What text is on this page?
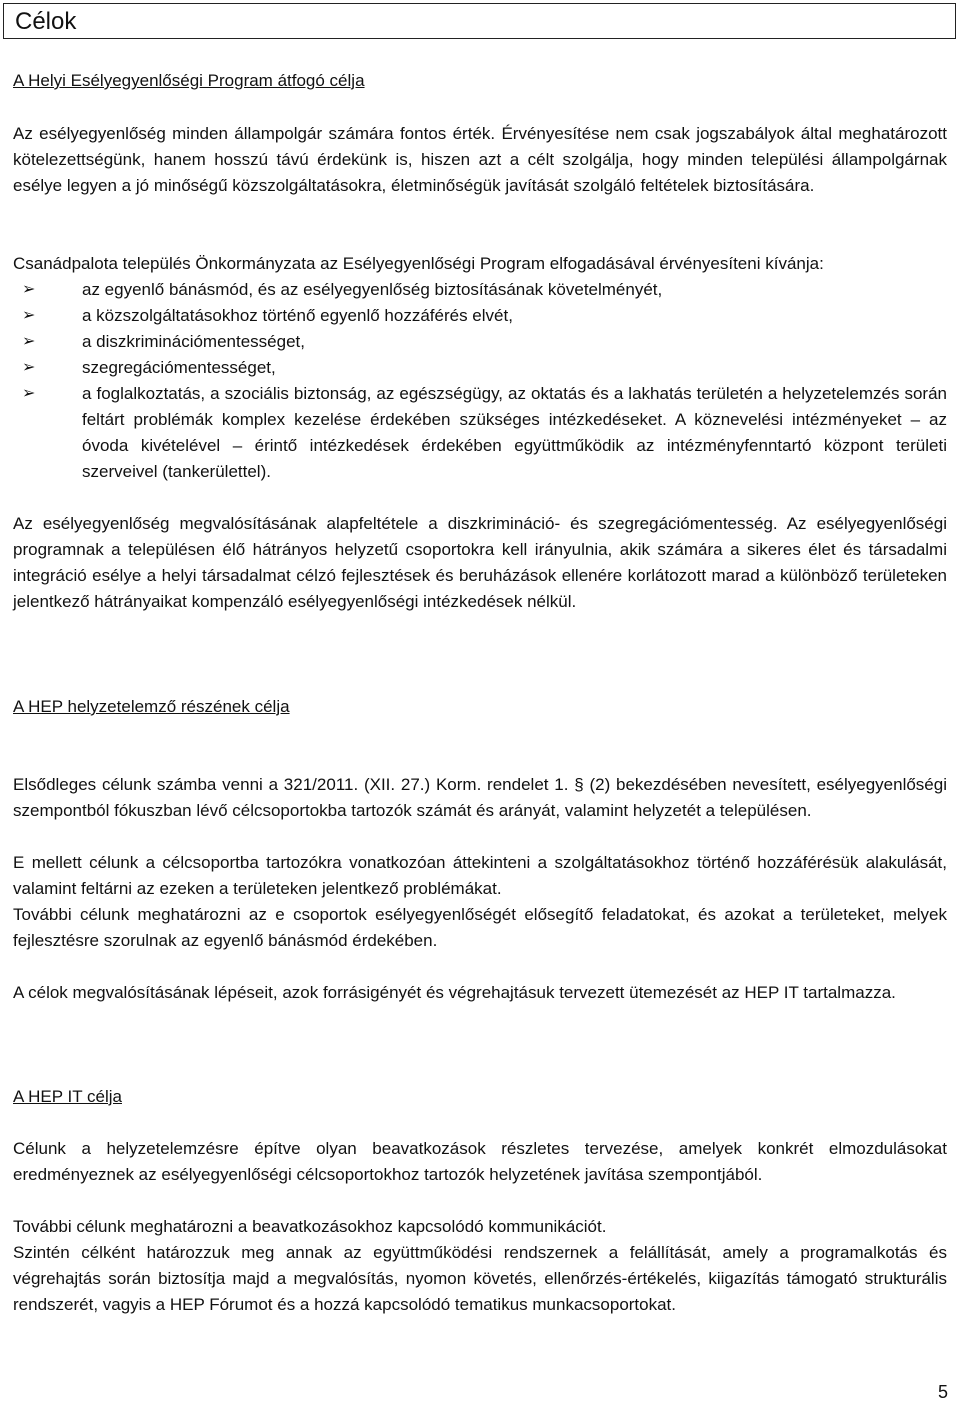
Célok
A Helyi Esélyegyenlőségi Program átfogó célja

Az esélyegyenlőség minden állampolgár számára fontos érték. Érvényesítése nem csak jogszabályok által meghatározott kötelezettségünk, hanem hosszú távú érdekünk is, hiszen azt a célt szolgálja, hogy minden települési állampolgárnak esélye legyen a jó minőségű közszolgáltatásokra, életminőségük javítását szolgáló feltételek biztosítására.

Csanádpalota település Önkormányzata az Esélyegyenlőségi Program elfogadásával érvényesíteni kívánja:

➢	az egyenlő bánásmód, és az esélyegyenlőség biztosításának követelményét,
➢	a közszolgáltatásokhoz történő egyenlő hozzáférés elvét,
➢	a diszkriminációmentességet,
➢	szegregációmentességet,
➢	a foglalkoztatás, a szociális biztonság, az egészségügy, az oktatás és a lakhatás területén a helyzetelemzés során feltárt problémák komplex kezelése érdekében szükséges intézkedéseket. A köznevelési intézményeket – az óvoda kivételével – érintő intézkedések érdekében együttműködik az intézményfenntartó központ területi szerveivel (tankerülettel).

Az esélyegyenlőség megvalósításának alapfeltétele a diszkrimináció- és szegregációmentesség. Az esélyegyenlőségi programnak a településen élő hátrányos helyzetű csoportokra kell irányulnia, akik számára a sikeres élet és társadalmi integráció esélye a helyi társadalmat célzó fejlesztések és beruházások ellenére korlátozott marad a különböző területeken jelentkező hátrányaikat kompenzáló esélyegyenlőségi intézkedések nélkül.

A HEP helyzetelemző részének célja

Elsődleges célunk számba venni a 321/2011. (XII. 27.) Korm. rendelet 1. § (2) bekezdésében nevesített, esélyegyenlőségi szempontból fókuszban lévő célcsoportokba tartozók számát és arányát, valamint helyzetét a településen.

E mellett célunk a célcsoportba tartozókra vonatkozóan áttekinteni a szolgáltatásokhoz történő hozzáférésük alakulását, valamint feltárni az ezeken a területeken jelentkező problémákat.

További célunk meghatározni az e csoportok esélyegyenlőségét elősegítő feladatokat, és azokat a területeket, melyek fejlesztésre szorulnak az egyenlő bánásmód érdekében.

A célok megvalósításának lépéseit, azok forrásigényét és végrehajtásuk tervezett ütemezését az HEP IT tartalmazza.

A HEP IT célja

Célunk a helyzetelemzésre építve olyan beavatkozások részletes tervezése, amelyek konkrét elmozdulásokat eredményeznek az esélyegyenlőségi célcsoportokhoz tartozók helyzetének javítása szempontjából.

További célunk meghatározni a beavatkozásokhoz kapcsolódó kommunikációt.

Szintén célként határozzuk meg annak az együttműködési rendszernek a felállítását, amely a programalkotás és végrehajtás során biztosítja majd a megvalósítás, nyomon követés, ellenőrzés-értékelés, kiigazítás támogató strukturális rendszerét, vagyis a HEP Fórumot és a hozzá kapcsolódó tematikus munkacsoportokat.

5
